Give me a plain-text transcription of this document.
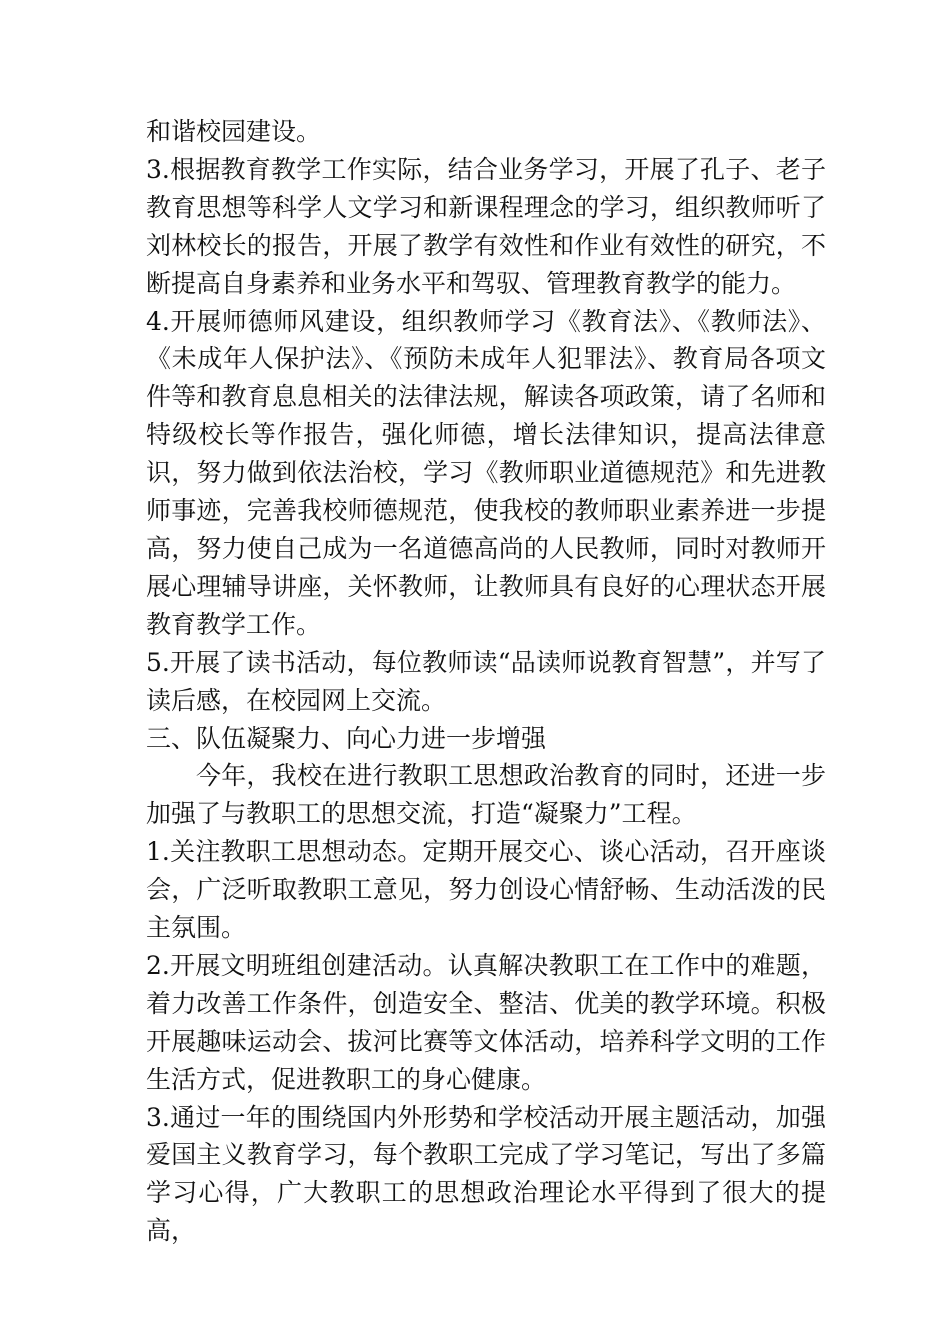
和谐校园建设。

3.根据教育教学工作实际，结合业务学习，开展了孔子、老子教育思想等科学人文学习和新课程理念的学习，组织教师听了刘林校长的报告，开展了教学有效性和作业有效性的研究，不断提高自身素养和业务水平和驾驭、管理教育教学的能力。

4.开展师德师风建设，组织教师学习《教育法》、《教师法》、《未成年人保护法》、《预防未成年人犯罪法》、教育局各项文件等和教育息息相关的法律法规，解读各项政策，请了名师和特级校长等作报告，强化师德，增长法律知识，提高法律意识，努力做到依法治校，学习《教师职业道德规范》和先进教师事迹，完善我校师德规范，使我校的教师职业素养进一步提高，努力使自己成为一名道德高尚的人民教师，同时对教师开展心理辅导讲座，关怀教师，让教师具有良好的心理状态开展教育教学工作。

5.开展了读书活动，每位教师读“品读师说教育智慧”，并写了读后感，在校园网上交流。

三、队伍凝聚力、向心力进一步增强

今年，我校在进行教职工思想政治教育的同时，还进一步加强了与教职工的思想交流，打造“凝聚力”工程。

1.关注教职工思想动态。定期开展交心、谈心活动，召开座谈会，广泛听取教职工意见，努力创设心情舒畅、生动活泼的民主氛围。

2.开展文明班组创建活动。认真解决教职工在工作中的难题，着力改善工作条件，创造安全、整洁、优美的教学环境。积极开展趣味运动会、拔河比赛等文体活动，培养科学文明的工作生活方式，促进教职工的身心健康。

3.通过一年的围绕国内外形势和学校活动开展主题活动，加强爱国主义教育学习，每个教职工完成了学习笔记，写出了多篇学习心得，广大教职工的思想政治理论水平得到了很大的提高，
